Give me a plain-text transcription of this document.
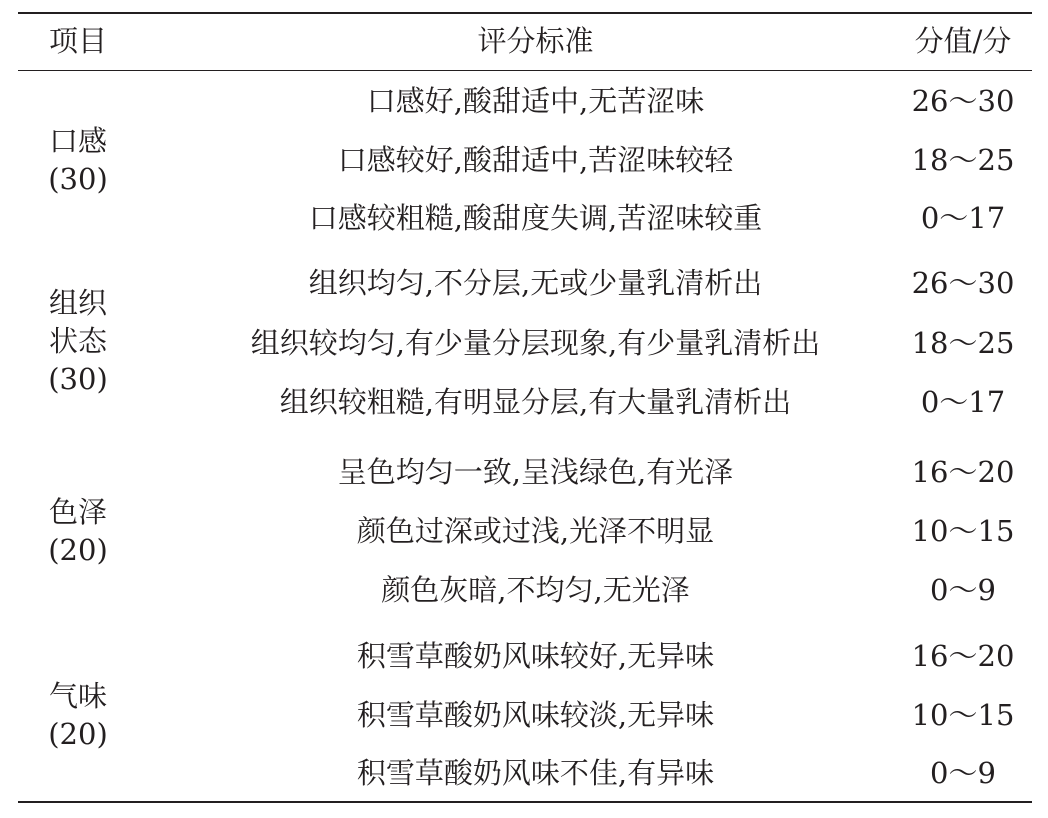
项目	评分标准	分值/分
口感
(30)
口感好,酸甜适中,无苦涩味	26～30
口感较好,酸甜适中,苦涩味较轻	18～25
口感较粗糙,酸甜度失调,苦涩味较重	0～17
组织
状态
(30)
组织均匀,不分层,无或少量乳清析出	26～30
组织较均匀,有少量分层现象,有少量乳清析出	18～25
组织较粗糙,有明显分层,有大量乳清析出	0～17
色泽
(20)
呈色均匀一致,呈浅绿色,有光泽	16～20
颜色过深或过浅,光泽不明显	10～15
颜色灰暗,不均匀,无光泽	0～9
气味
(20)
积雪草酸奶风味较好,无异味	16～20
积雪草酸奶风味较淡,无异味	10～15
积雪草酸奶风味不佳,有异味	0～9
